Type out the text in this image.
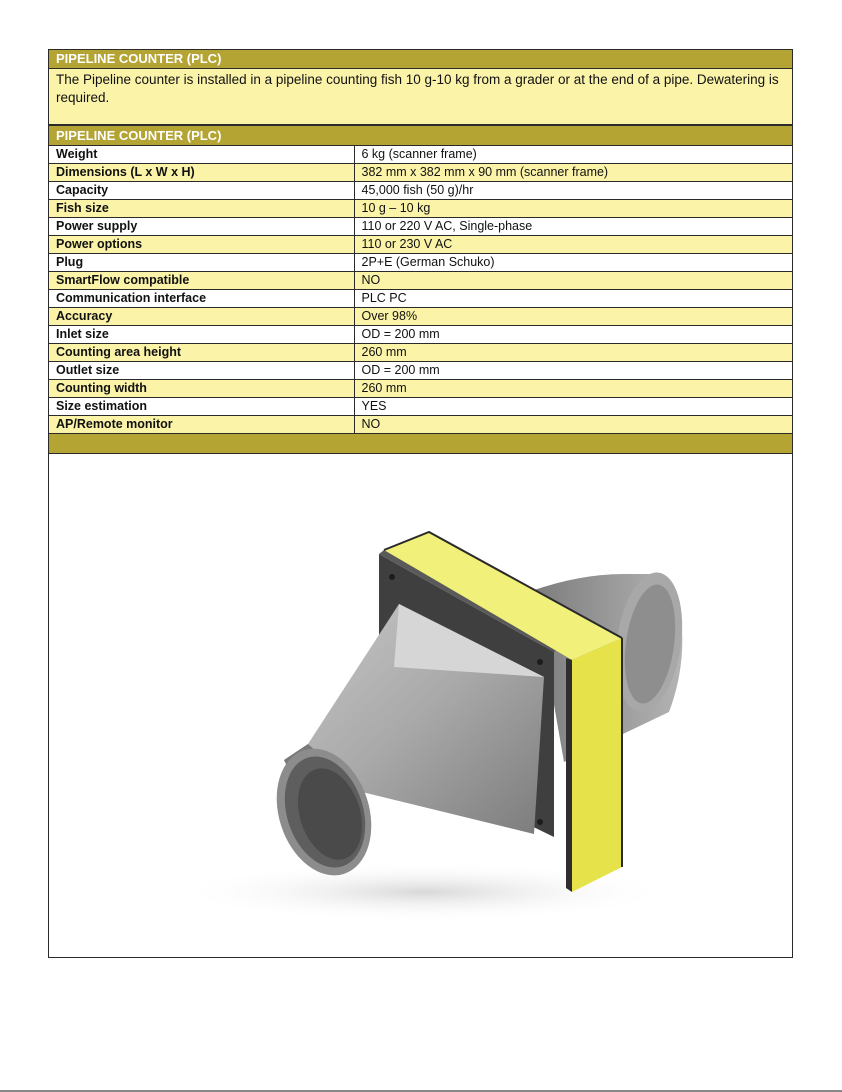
PIPELINE COUNTER (PLC)
The Pipeline counter is installed in a pipeline counting fish 10 g-10 kg from a grader or at the end of a pipe. Dewatering is required.
PIPELINE COUNTER (PLC)
Weight	6 kg (scanner frame)
Dimensions (L x W x H)	382 mm x 382 mm x 90 mm (scanner frame)
Capacity	45,000 fish (50 g)/hr
Fish size	10 g – 10 kg
Power supply	110 or 220 V AC, Single-phase
Power options	110 or 230 V AC
Plug	2P+E (German Schuko)
SmartFlow compatible	NO
Communication interface	PLC PC
Accuracy	Over 98%
Inlet size	OD = 200 mm
Counting area height	260 mm
Outlet size	OD = 200 mm
Counting width	260 mm
Size estimation	YES
AP/Remote monitor	NO
